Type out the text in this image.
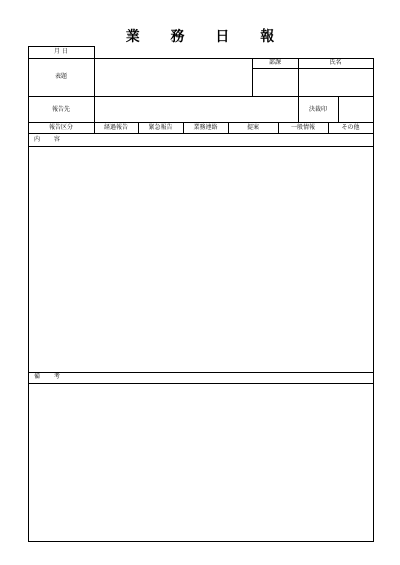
業 務 日 報
月 日
表題
部課	氏名
報告先	決裁印
報告区分	経過報告	緊急報告	業務連絡	提案	一般情報	その他
内 容
備 考
